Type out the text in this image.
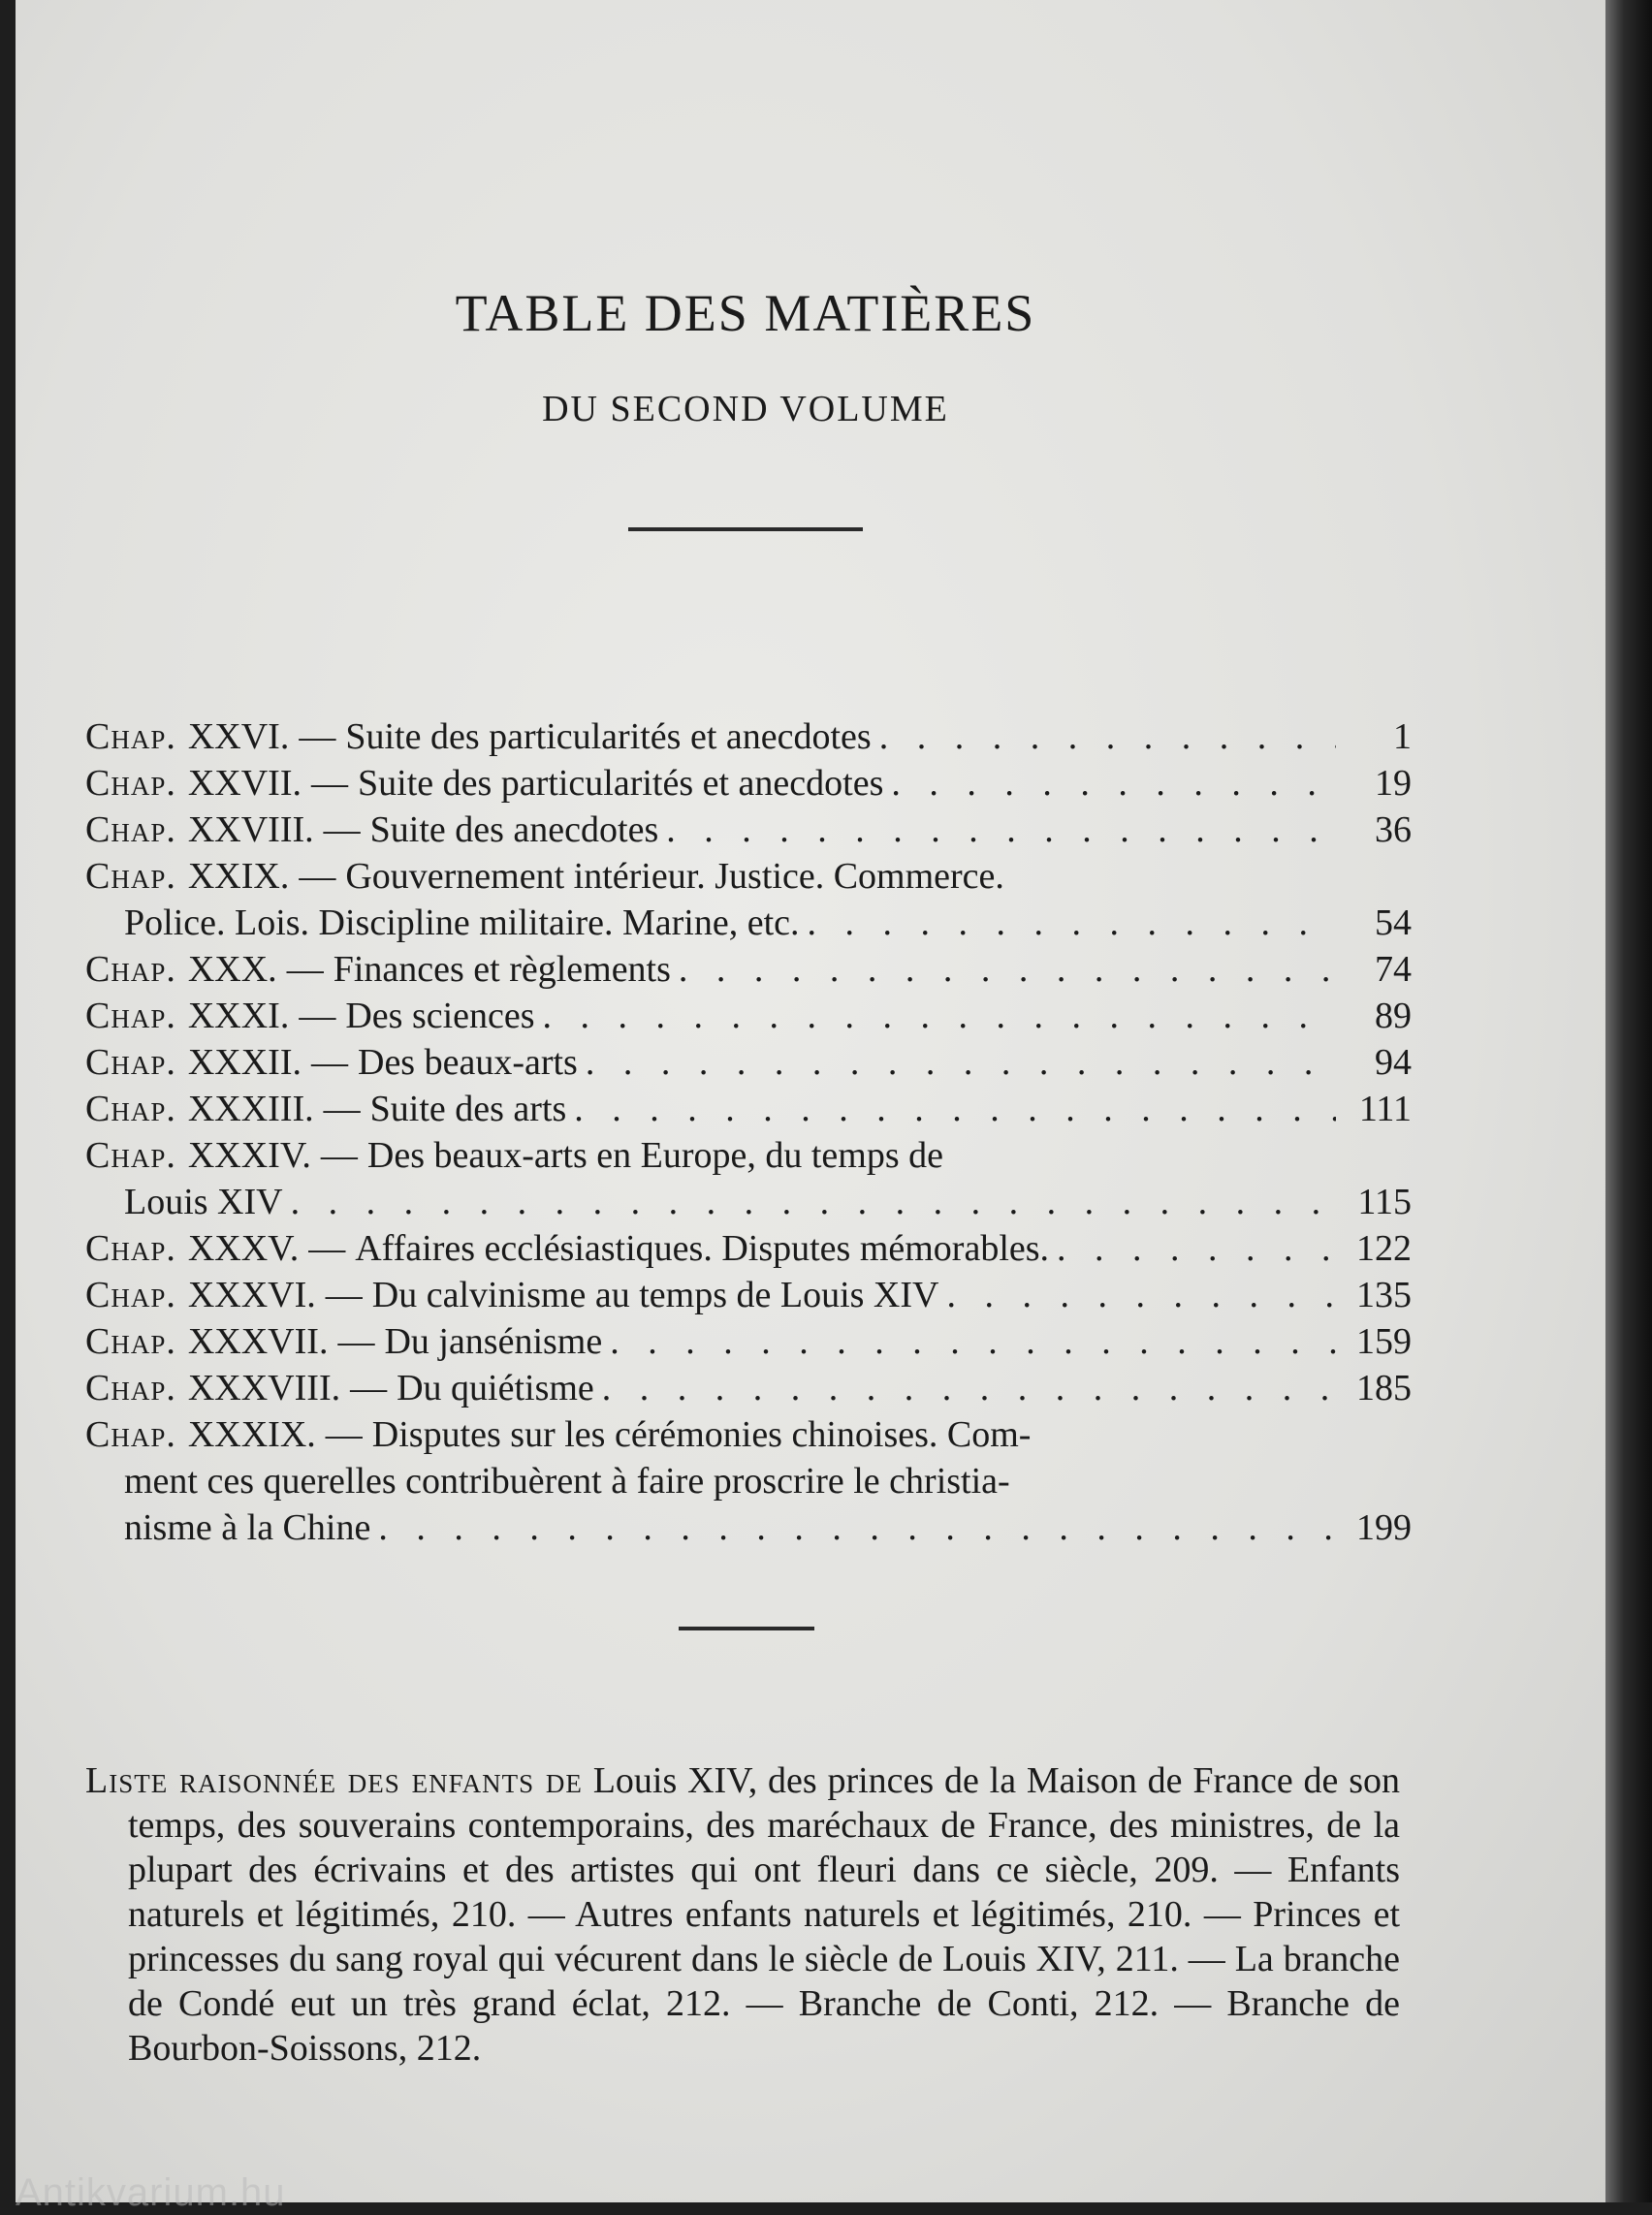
TABLE DES MATIÈRES
DU SECOND VOLUME
Chap. XXVI. — Suite des particularités et anecdotes . . .	1
Chap. XXVII. — Suite des particularités et anecdotes . . .	19
Chap. XXVIII. — Suite des anecdotes . . .	36
Chap. XXIX. — Gouvernement intérieur. Justice. Commerce.
Police. Lois. Discipline militaire. Marine, etc. . . .	54
Chap. XXX. — Finances et règlements . . .	74
Chap. XXXI. — Des sciences . . .	89
Chap. XXXII. — Des beaux-arts . . .	94
Chap. XXXIII. — Suite des arts . . .	111
Chap. XXXIV. — Des beaux-arts en Europe, du temps de
Louis XIV . . .	115
Chap. XXXV. — Affaires ecclésiastiques. Disputes mémorables. . . .	122
Chap. XXXVI. — Du calvinisme au temps de Louis XIV . . .	135
Chap. XXXVII. — Du jansénisme . . .	159
Chap. XXXVIII. — Du quiétisme . . .	185
Chap. XXXIX. — Disputes sur les cérémonies chinoises. Com-
ment ces querelles contribuèrent à faire proscrire le christia-
nisme à la Chine . . .	199
Liste raisonnée des enfants de Louis XIV, des princes de la Maison de France de son temps, des souverains contemporains, des maréchaux de France, des ministres, de la plupart des écrivains et des artistes qui ont fleuri dans ce siècle, 209. — Enfants naturels et légitimés, 210. — Autres enfants naturels et légitimés, 210. — Princes et princesses du sang royal qui vécurent dans le siècle de Louis XIV, 211. — La branche de Condé eut un très grand éclat, 212. — Branche de Conti, 212. — Branche de Bourbon-Soissons, 212.
Antikvarium.hu
